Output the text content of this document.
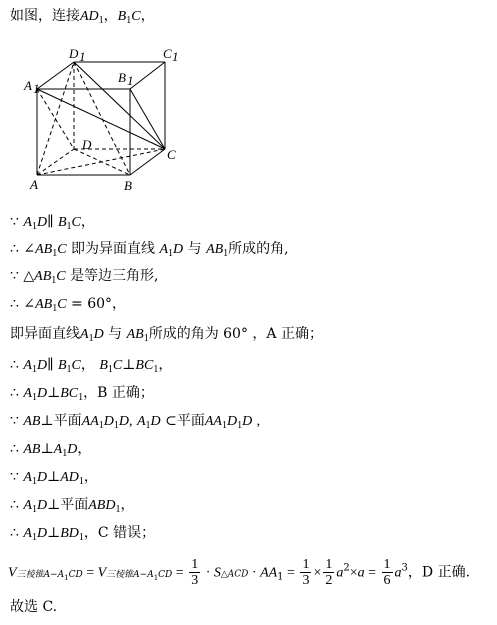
如图，连接$AD_1$，$B_1C$，
D 1	C 1
B 1
A 1
D
C
A	B
∵ $A_1D\parallel$ $B_1C$，
∴ $\angle AB_1C$ 即为异面直线 $A_1D$ 与 $AB_1$所成的角,
∵ $\triangle AB_1C$ 是等边三角形,
∴ $\angle AB_1C = 60^\circ$，
即异面直线$A_1D$ 与 $AB_1$所成的角为 60° ，A 正确；
∴ $A_1D\parallel$ $B_1C$， $B_1C\perp BC_1$，
∴ $A_1D\perp BC_1$，B 正确；
∵ AB⊥平面$AA_1D_1D$, $A_1D$ ⊂平面$AA_1D_1D$ ,
∴ $AB\perp A_1D$，
∵ $A_1D\perp AD_1$，
∴ $A_1D\perp$平面$ABD_1$，
∴ $A_1D\perp BD_1$，C 错误；
V三棱锥$A-A_1CD = V$三棱锥$A-A_1CD = \frac{1}{3}$ · S△ACD · $AA_1 = \frac{1}{3} \times \frac{1}{2} a^2\times a = \frac{1}{6} a^3$，D 正确.
故选 C.
